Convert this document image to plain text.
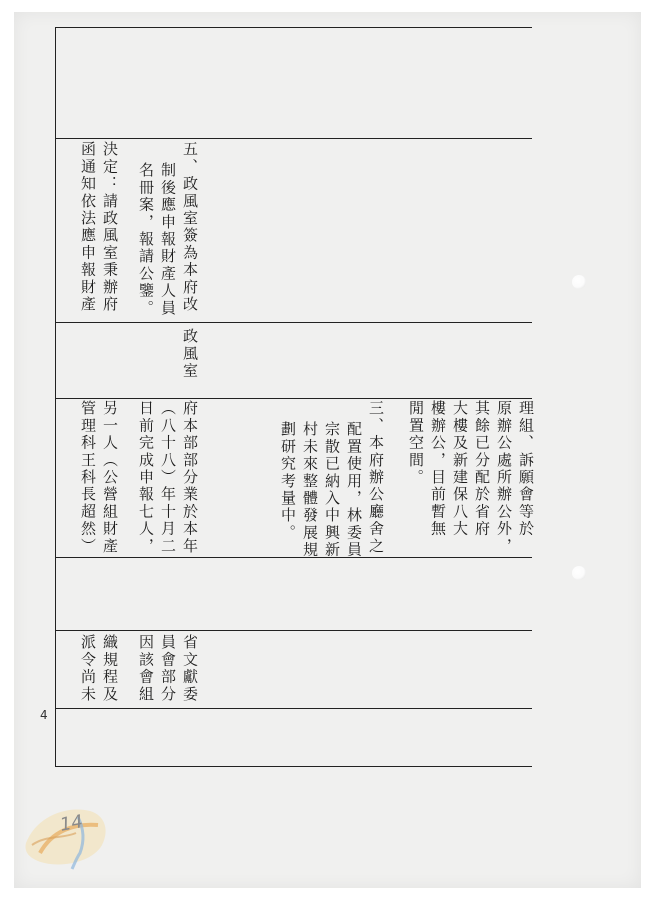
五、政風室簽為本府改
制後應申報財產人員
名冊案，報請公鑒。
決定：請政風室秉辦府
函通知依法應申報財產
政風室
府本部部分業於本年
（八十八）年十月二
日前完成申報七人，
另一人（公營組財產
管理科王科長超然）
省文獻委
員會部分
因該會組
織規程及
派令尚未
理組、訴願會等於
原辦公處所辦公外，
其餘已分配於省府
大樓及新建保八大
樓辦公，目前暫無
閒置空間。
三、本府辦公廳舍之
配置使用，林委員
宗散已納入中興新
村未來整體發展規
劃研究考量中。
4
14
